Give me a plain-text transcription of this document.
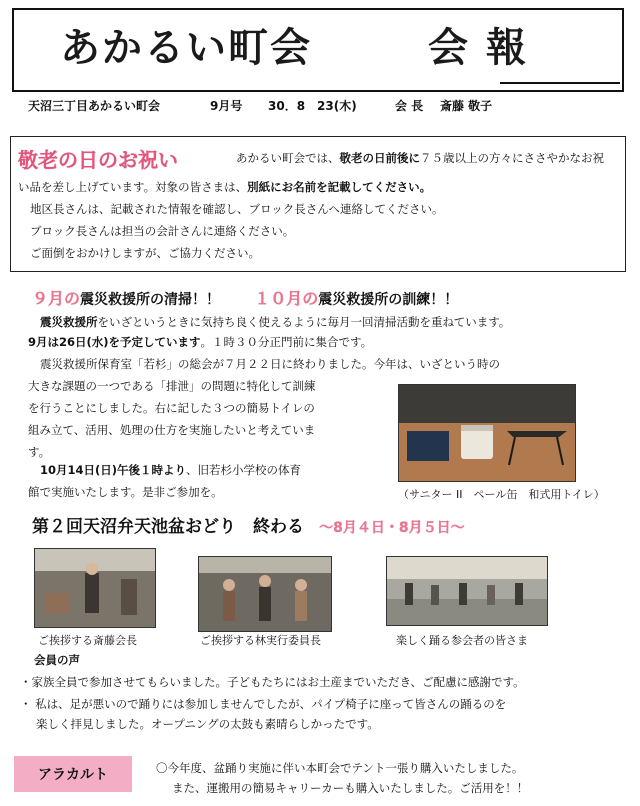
あかるい町会	会報
天沼三丁目あかるい町会	9月号 30．8　23(木)	会 長 斎藤 敬子
敬老の日のお祝い	あかるい町会では、敬老の日前後に７５歳以上の方々にささやかなお祝
い品を差し上げています。対象の皆さまは、別紙にお名前を記載してください。
地区長さんは、記載された情報を確認し、ブロック長さんへ連絡してください。
ブロック長さんは担当の会計さんに連絡ください。
ご面倒をおかけしますが、ご協力ください。
９月の震災救援所の清掃！！ １０月の震災救援所の訓練！！
震災救援所をいざというときに気持ち良く使えるように毎月一回清掃活動を重ねています。
9月は26日(水)を予定しています。１時３０分正門前に集合です。
震災救援所保育室「若杉」の総会が７月２２日に終わりました。今年は、いざという時の
大きな課題の一つである「排泄」の問題に特化して訓練
を行うことにしました。右に記した３つの簡易トイレの
組み立て、活用、処理の仕方を実施したいと考えていま
す。
10月14日(日)午後１時より、旧若杉小学校の体育
館で実施いたします。是非ご参加を。	（サニター II　ペール缶　和式用トイレ）
第２回天沼弁天池盆おどり　終わる ～8月４日・8月５日～
ご挨拶する斎藤会長	ご挨拶する林実行委員長	楽しく踊る参会者の皆さま
会員の声
・家族全員で参加させてもらいました。子どもたちにはお土産までいただき、ご配慮に感謝です。
・ 私は、足が悪いので踊りには参加しませんでしたが、パイプ椅子に座って皆さんの踊るのを
楽しく拝見しました。オープニングの太鼓も素晴らしかったです。
アラカルト	〇今年度、盆踊り実施に伴い本町会でテント一張り購入いたしました。
また、運搬用の簡易キャリーカーも購入いたしました。ご活用を！！
